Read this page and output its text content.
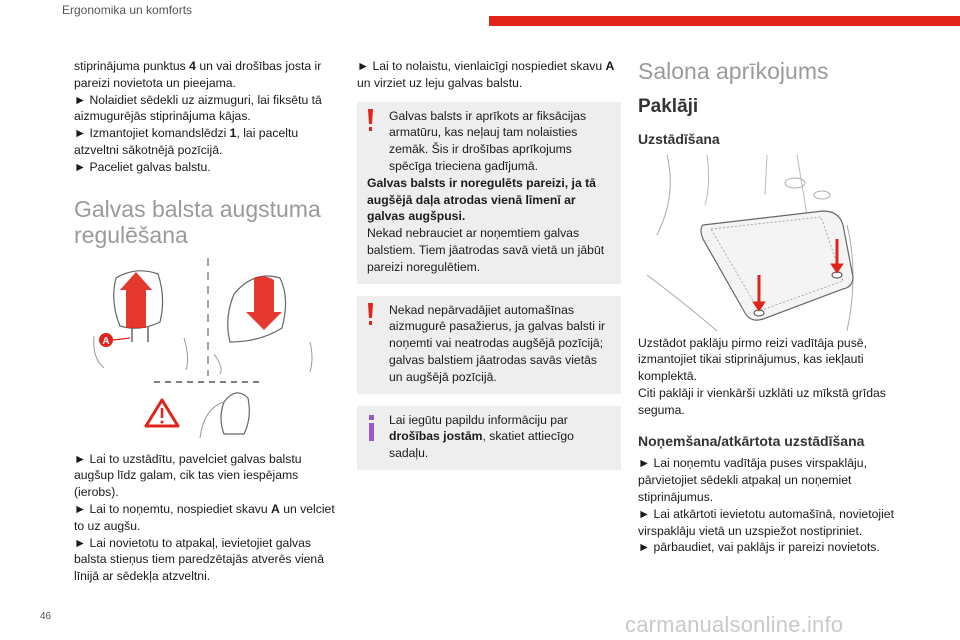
Ergonomika un komforts

stiprinājuma punktus 4 un vai drošības josta ir pareizi novietota un pieejama.

► Nolaidiet sēdekli uz aizmuguri, lai fiksētu tā aizmugurējās stiprinājuma kājas.

► Izmantojiet komandslēdzi 1, lai paceltu atzveltni sākotnējā pozīcijā.

► Paceliet galvas balstu.

Galvas balsta augstuma regulēšana
A

► Lai to uzstādītu, pavelciet galvas balstu augšup līdz galam, cik tas vien iespējams (ierobs).

► Lai to noņemtu, nospiediet skavu A un velciet to uz augšu.

► Lai novietotu to atpakaļ, ievietojiet galvas balsta stieņus tiem paredzētajās atverēs vienā līnijā ar sēdekļa atzveltni.

► Lai to nolaistu, vienlaicīgi nospiediet skavu A un virziet uz leju galvas balstu.

Galvas balsts ir aprīkots ar fiksācijas armatūru, kas neļauj tam nolaisties zemāk. Šis ir drošības aprīkojums spēcīga trieciena gadījumā.

Galvas balsts ir noregulēts pareizi, ja tā augšējā daļa atrodas vienā līmenī ar galvas augšpusi.

Nekad nebrauciet ar noņemtiem galvas balstiem. Tiem jāatrodas savā vietā un jābūt pareizi noregulētiem.

Nekad nepārvadājiet automašīnas aizmugurē pasažierus, ja galvas balsti ir noņemti vai neatrodas augšējā pozīcijā; galvas balstiem jāatrodas savās vietās un augšējā pozīcijā.

Lai iegūtu papildu informāciju par drošības jostām, skatiet attiecīgo sadaļu.

Salona aprīkojums
Paklāji
Uzstādīšana

Uzstādot paklāju pirmo reizi vadītāja pusē, izmantojiet tikai stiprinājumus, kas iekļauti komplektā.

Citi paklāji ir vienkārši uzklāti uz mīkstā grīdas seguma.

Noņemšana/atkārtota uzstādīšana

► Lai noņemtu vadītāja puses virspaklāju, pārvietojiet sēdekli atpakaļ un noņemiet stiprinājumus.

► Lai atkārtoti ievietotu automašīnā, novietojiet virspaklāju vietā un uzspiežot nostipriniet.

► pārbaudiet, vai paklājs ir pareizi novietots.

46	carmanualsonline.info
